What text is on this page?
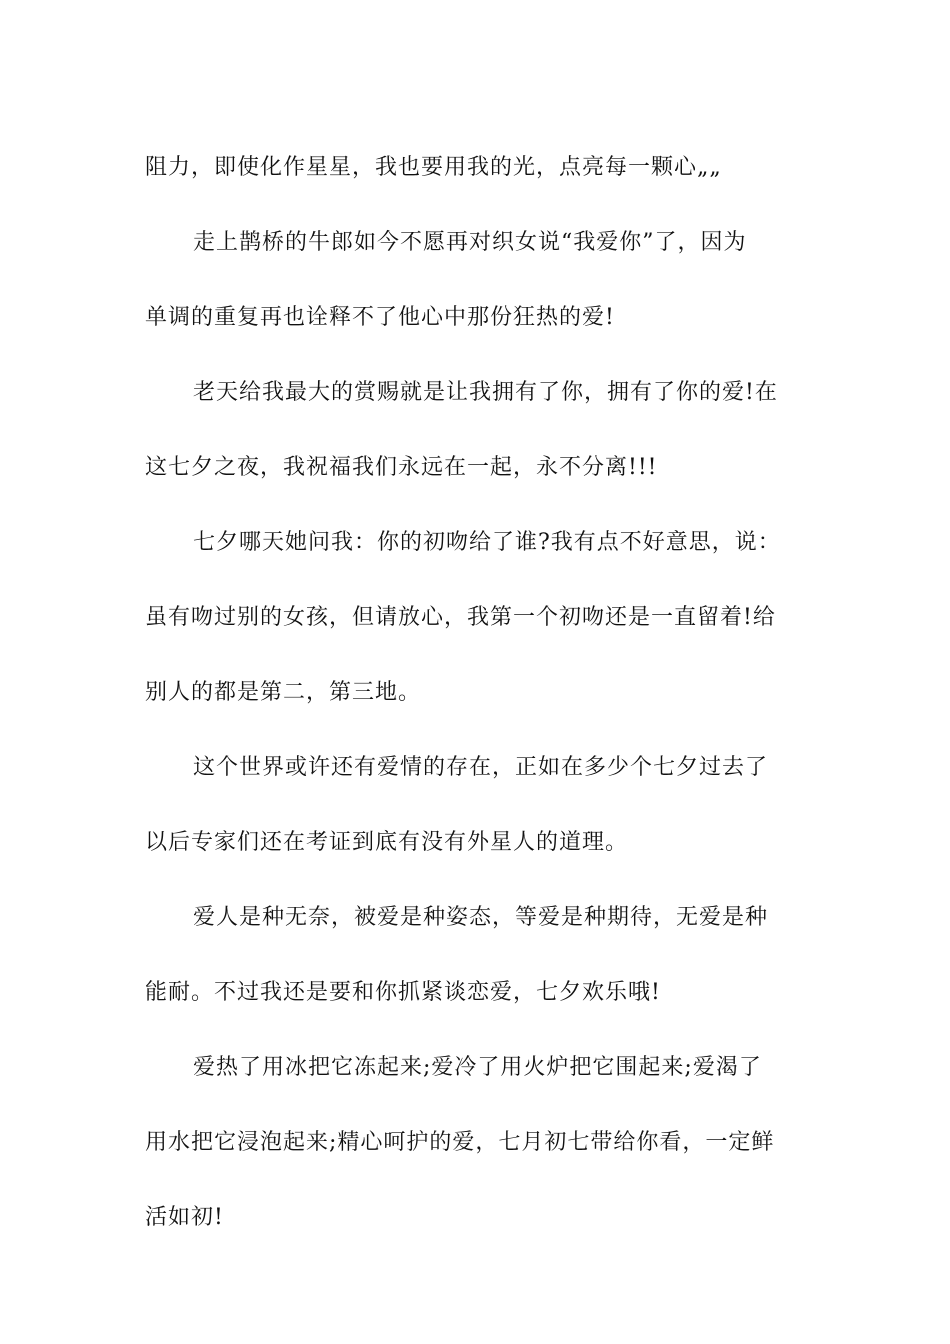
阻力，即使化作星星，我也要用我的光，点亮每一颗心„„
走上鹊桥的牛郎如今不愿再对织女说“我爱你”了，因为
单调的重复再也诠释不了他心中那份狂热的爱!
老天给我最大的赏赐就是让我拥有了你，拥有了你的爱!在
这七夕之夜，我祝福我们永远在一起，永不分离!!!
七夕哪天她问我：你的初吻给了谁?我有点不好意思，说：
虽有吻过别的女孩，但请放心，我第一个初吻还是一直留着!给
别人的都是第二，第三地。
这个世界或许还有爱情的存在，正如在多少个七夕过去了
以后专家们还在考证到底有没有外星人的道理。
爱人是种无奈，被爱是种姿态，等爱是种期待，无爱是种
能耐。不过我还是要和你抓紧谈恋爱，七夕欢乐哦!
爱热了用冰把它冻起来;爱冷了用火炉把它围起来;爱渴了
用水把它浸泡起来;精心呵护的爱，七月初七带给你看，一定鲜
活如初!
